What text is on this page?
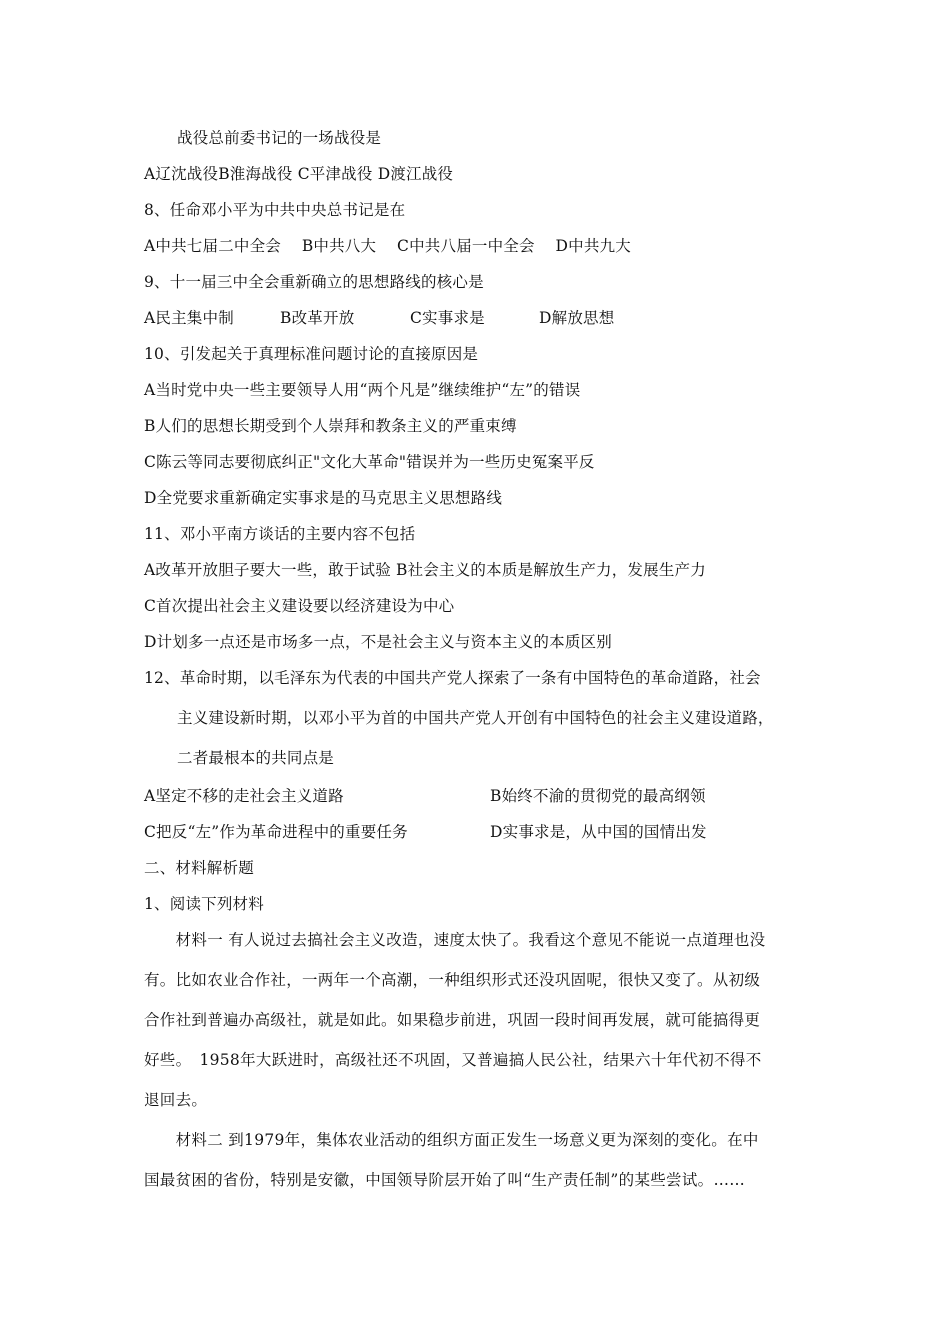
战役总前委书记的一场战役是
A辽沈战役B淮海战役 C平津战役 D渡江战役
8、任命邓小平为中共中央总书记是在
A中共七届二中全会　 B中共八大　 C中共八届一中全会　 D中共九大
9、十一届三中全会重新确立的思想路线的核心是
A民主集中制	B改革开放	C实事求是	D解放思想
10、引发起关于真理标准问题讨论的直接原因是
A当时党中央一些主要领导人用“两个凡是”继续维护“左”的错误
B人们的思想长期受到个人崇拜和教条主义的严重束缚
C陈云等同志要彻底纠正"文化大革命"错误并为一些历史冤案平反
D全党要求重新确定实事求是的马克思主义思想路线
11、邓小平南方谈话的主要内容不包括
A改革开放胆子要大一些，敢于试验 B社会主义的本质是解放生产力，发展生产力
C首次提出社会主义建设要以经济建设为中心
D计划多一点还是市场多一点，不是社会主义与资本主义的本质区别
12、革命时期，以毛泽东为代表的中国共产党人探索了一条有中国特色的革命道路，社会
主义建设新时期，以邓小平为首的中国共产党人开创有中国特色的社会主义建设道路，
二者最根本的共同点是
A坚定不移的走社会主义道路	B始终不渝的贯彻党的最高纲领
C把反“左”作为革命进程中的重要任务	D实事求是，从中国的国情出发
二、材料解析题
1、阅读下列材料
　　材料一 有人说过去搞社会主义改造，速度太快了。我看这个意见不能说一点道理也没
有。比如农业合作社，一两年一个高潮，一种组织形式还没巩固呢，很快又变了。从初级
合作社到普遍办高级社，就是如此。如果稳步前进，巩固一段时间再发展，就可能搞得更
好些。　1958年大跃进时，高级社还不巩固，又普遍搞人民公社，结果六十年代初不得不
退回去。
　　材料二 到1979年，集体农业活动的组织方面正发生一场意义更为深刻的变化。在中
国最贫困的省份，特别是安徽，中国领导阶层开始了叫“生产责任制”的某些尝试。……
